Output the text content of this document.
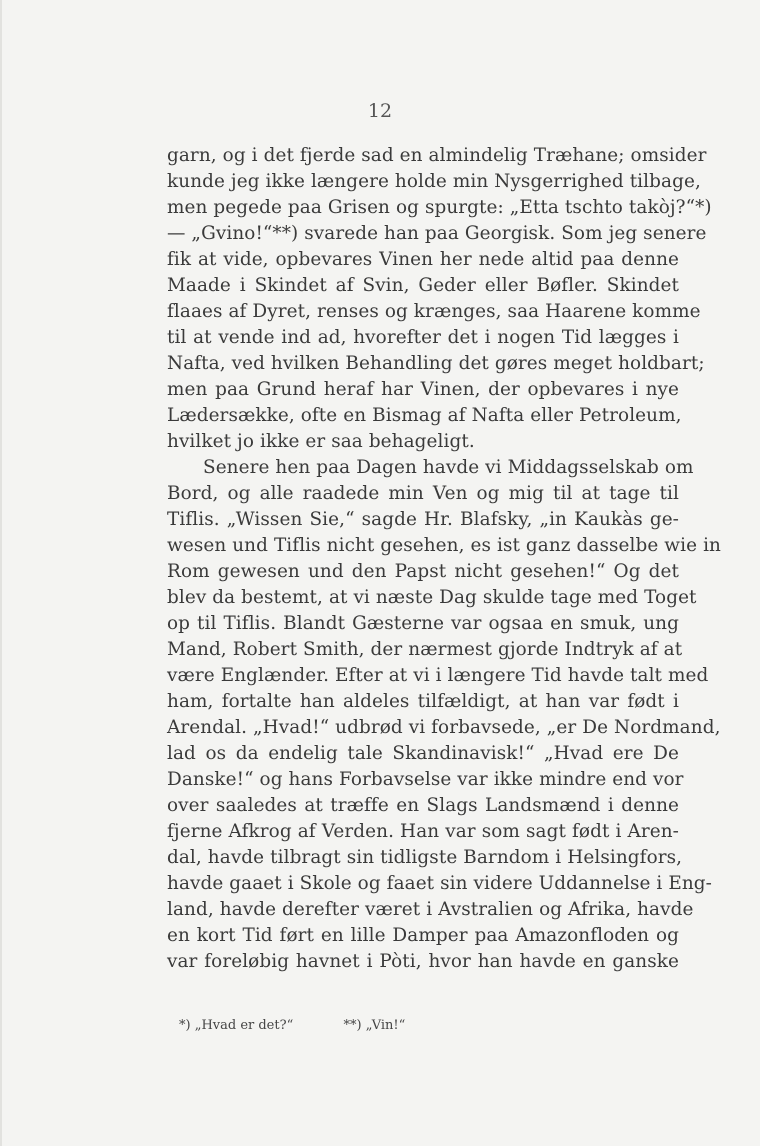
12
garn, og i det fjerde sad en almindelig Træhane; omsider
kunde jeg ikke længere holde min Nysgerrighed tilbage,
men pegede paa Grisen og spurgte: „Etta tschto takòj?“*)
— „Gvino!“**) svarede han paa Georgisk. Som jeg senere
fik at vide, opbevares Vinen her nede altid paa denne
Maade i Skindet af Svin, Geder eller Bøfler. Skindet
flaaes af Dyret, renses og krænges, saa Haarene komme
til at vende ind ad, hvorefter det i nogen Tid lægges i
Nafta, ved hvilken Behandling det gøres meget holdbart;
men paa Grund heraf har Vinen, der opbevares i nye
Lædersække, ofte en Bismag af Nafta eller Petroleum,
hvilket jo ikke er saa behageligt.
Senere hen paa Dagen havde vi Middagsselskab om
Bord, og alle raadede min Ven og mig til at tage til
Tiflis. „Wissen Sie,“ sagde Hr. Blafsky, „in Kaukàs ge-
wesen und Tiflis nicht gesehen, es ist ganz dasselbe wie in
Rom gewesen und den Papst nicht gesehen!“ Og det
blev da bestemt, at vi næste Dag skulde tage med Toget
op til Tiflis. Blandt Gæsterne var ogsaa en smuk, ung
Mand, Robert Smith, der nærmest gjorde Indtryk af at
være Englænder. Efter at vi i længere Tid havde talt med
ham, fortalte han aldeles tilfældigt, at han var født i
Arendal. „Hvad!“ udbrød vi forbavsede, „er De Nordmand,
lad os da endelig tale Skandinavisk!“ „Hvad ere De
Danske!“ og hans Forbavselse var ikke mindre end vor
over saaledes at træffe en Slags Landsmænd i denne
fjerne Afkrog af Verden. Han var som sagt født i Aren-
dal, havde tilbragt sin tidligste Barndom i Helsingfors,
havde gaaet i Skole og faaet sin videre Uddannelse i Eng-
land, havde derefter været i Avstralien og Afrika, havde
en kort Tid ført en lille Damper paa Amazonfloden og
var foreløbig havnet i Pòti, hvor han havde en ganske
*) „Hvad er det?“	**) „Vin!“
